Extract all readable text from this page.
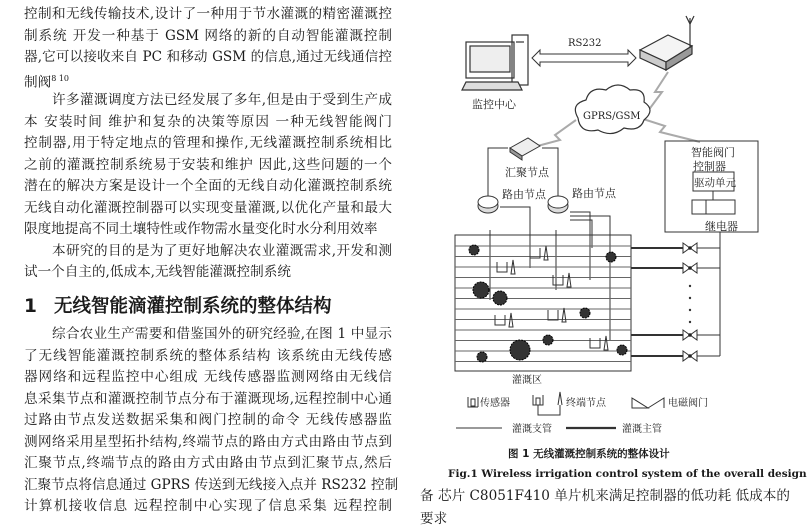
控制和无线传输技术,设计了一种用于节水灌溉的精密灌溉控
制系统 开发一种基于 GSM 网络的新的自动智能灌溉控制
器,它可以接收来自 PC 和移动 GSM 的信息,通过无线通信控
制阀$^{8 10}$
许多灌溉调度方法已经发展了多年,但是由于受到生产成
本 安装时间 维护和复杂的决策等原因 一种无线智能阀门
控制器,用于特定地点的管理和操作,无线灌溉控制系统相比
之前的灌溉控制系统易于安装和维护 因此,这些问题的一个
潜在的解决方案是设计一个全面的无线自动化灌溉控制系统
无线自动化灌溉控制器可以实现变量灌溉,以优化产量和最大
限度地提高不同土壤特性或作物需水量变化时水分利用效率
本研究的目的是为了更好地解决农业灌溉需求,开发和测
试一个自主的,低成本,无线智能灌溉控制系统
综合农业生产需要和借鉴国外的研究经验,在图 1 中显示
了无线智能灌溉控制系统的整体系结构 该系统由无线传感
器网络和远程监控中心组成 无线传感器监测网络由无线信
息采集节点和灌溉控制节点分布于灌溉现场,远程控制中心通
过路由节点发送数据采集和阀门控制的命令 无线传感器监
测网络采用星型拓扑结构,终端节点的路由方式由路由节点到
汇聚节点,终端节点的路由方式由路由节点到汇聚节点,然后
汇聚节点将信息通过 GPRS 传送到无线接入点并 RS232 控制
计算机接收信息 远程控制中心实现了信息采集 远程控制
1 无线智能滴灌控制系统的整体结构
监控中心
RS232
GPRS/GSM
汇聚节点
路由节点 路由节点
智能阀门
控制器
驱动单元
继电器
灌溉区
传感器	终端节点	电磁阀门
灌溉支管	灌溉主管
图 1 无线灌溉控制系统的整体设计
Fig.1 Wireless irrigation control system of the overall design
备 芯片 C8051F410 单片机来满足控制器的低功耗 低成本的
要求
